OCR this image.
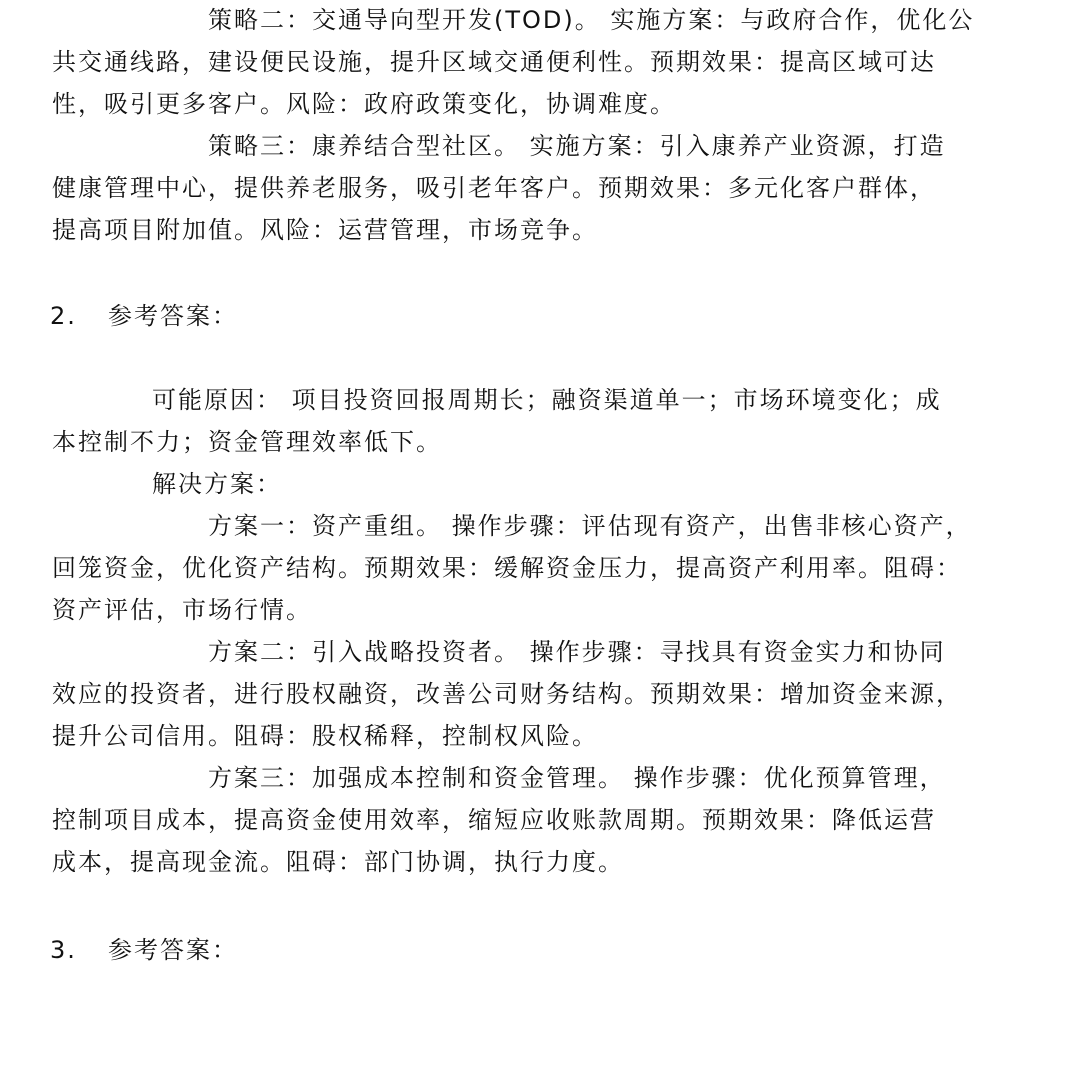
策略二：交通导向型开发(TOD)。 实施方案：与政府合作，优化公

共交通线路，建设便民设施，提升区域交通便利性。预期效果：提高区域可达

性，吸引更多客户。风险：政府政策变化，协调难度。

策略三：康养结合型社区。 实施方案：引入康养产业资源，打造

健康管理中心，提供养老服务，吸引老年客户。预期效果：多元化客户群体，

提高项目附加值。风险：运营管理，市场竞争。

2. 参考答案：

可能原因： 项目投资回报周期长；融资渠道单一；市场环境变化；成

本控制不力；资金管理效率低下。

解决方案：

方案一：资产重组。 操作步骤：评估现有资产，出售非核心资产，

回笼资金，优化资产结构。预期效果：缓解资金压力，提高资产利用率。阻碍：

资产评估，市场行情。

方案二：引入战略投资者。 操作步骤：寻找具有资金实力和协同

效应的投资者，进行股权融资，改善公司财务结构。预期效果：增加资金来源，

提升公司信用。阻碍：股权稀释，控制权风险。

方案三：加强成本控制和资金管理。 操作步骤：优化预算管理，

控制项目成本，提高资金使用效率，缩短应收账款周期。预期效果：降低运营

成本，提高现金流。阻碍：部门协调，执行力度。

3. 参考答案：
